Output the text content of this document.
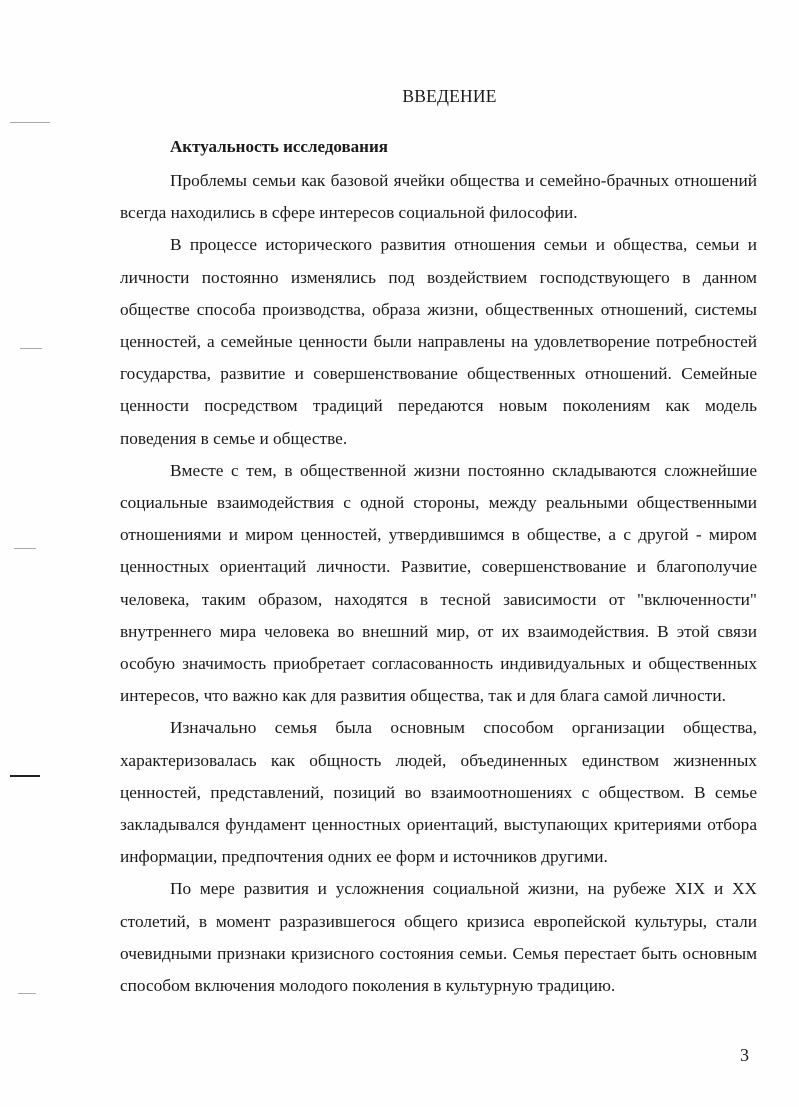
ВВЕДЕНИЕ
Актуальность исследования

Проблемы семьи как базовой ячейки общества и семейно-брачных отношений всегда находились в сфере интересов социальной философии.

В процессе исторического развития отношения семьи и общества, семьи и личности постоянно изменялись под воздействием господствующего в данном обществе способа производства, образа жизни, общественных отношений, системы ценностей, а семейные ценности были направлены на удовлетворение потребностей государства, развитие и совершенствование общественных отношений. Семейные ценности посредством традиций передаются новым поколениям как модель поведения в семье и обществе.

Вместе с тем, в общественной жизни постоянно складываются сложнейшие социальные взаимодействия с одной стороны, между реальными общественными отношениями и миром ценностей, утвердившимся в обществе, а с другой - миром ценностных ориентаций личности. Развитие, совершенствование и благополучие человека, таким образом, находятся в тесной зависимости от "включенности" внутреннего мира человека во внешний мир, от их взаимодействия. В этой связи особую значимость приобретает согласованность индивидуальных и общественных интересов, что важно как для развития общества, так и для блага самой личности.

Изначально семья была основным способом организации общества, характеризовалась как общность людей, объединенных единством жизненных ценностей, представлений, позиций во взаимоотношениях с обществом. В семье закладывался фундамент ценностных ориентаций, выступающих критериями отбора информации, предпочтения одних ее форм и источников другими.

По мере развития и усложнения социальной жизни, на рубеже XIX и XX столетий, в момент разразившегося общего кризиса европейской культуры, стали очевидными признаки кризисного состояния семьи. Семья перестает быть основным способом включения молодого поколения в культурную традицию.

3
